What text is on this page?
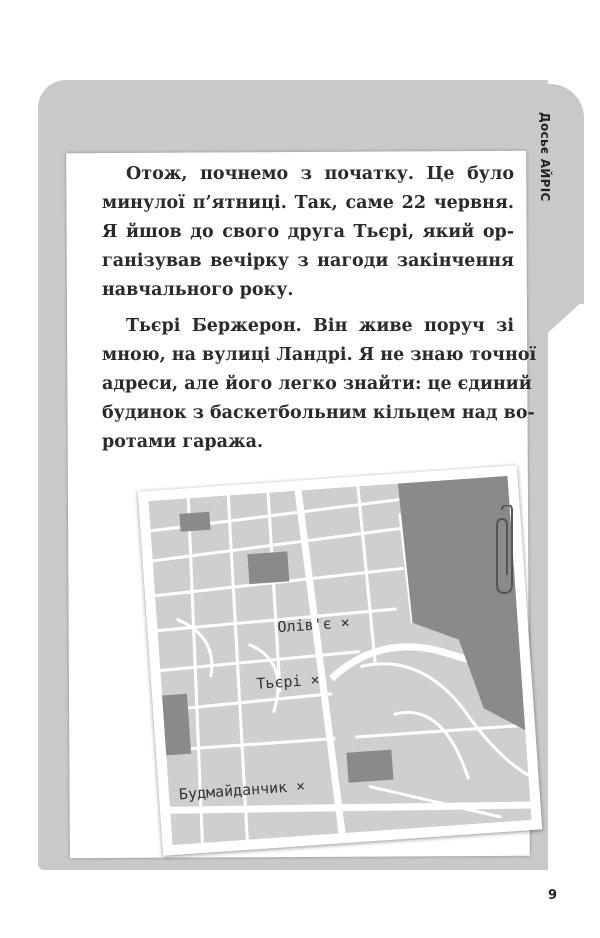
Досьє АЙРІС
Отож, почнемо з початку. Це було
минулої п’ятниці. Так, саме 22 червня.
Я йшов до свого друга Тьєрі, який ор-
ганізував вечірку з нагоди закінчення
навчального року.
Тьєрі Бержерон. Він живе поруч зі
мною, на вулиці Ландрі. Я не знаю точної
адреси, але його легко знайти: це єдиний
будинок з баскетбольним кільцем над во-
ротами гаража.
Олів'є ×
Тьєрі ×
Будмайданчик ×
9
